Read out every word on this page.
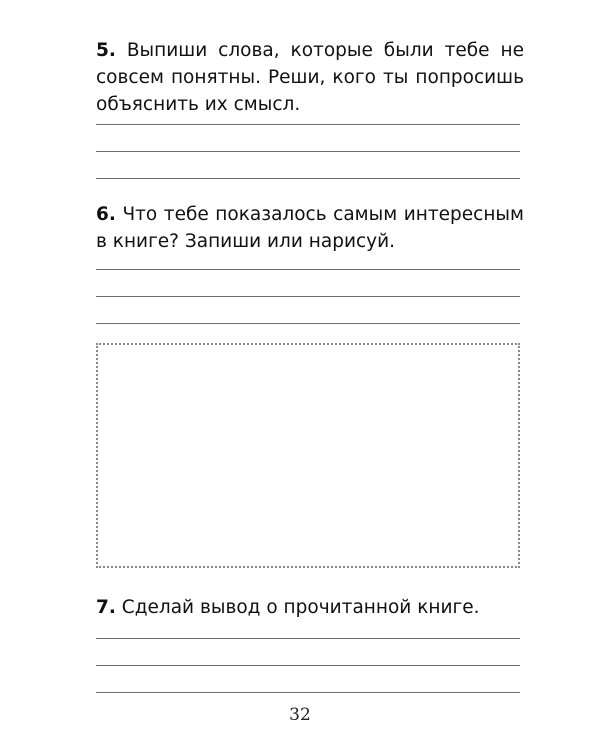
5. Выпиши слова, которые были тебе не совсем понятны. Реши, кого ты попросишь объяснить их смысл.

6. Что тебе показалось самым интересным в книге? Запиши или нарисуй.

7. Сделай вывод о прочитанной книге.

32
